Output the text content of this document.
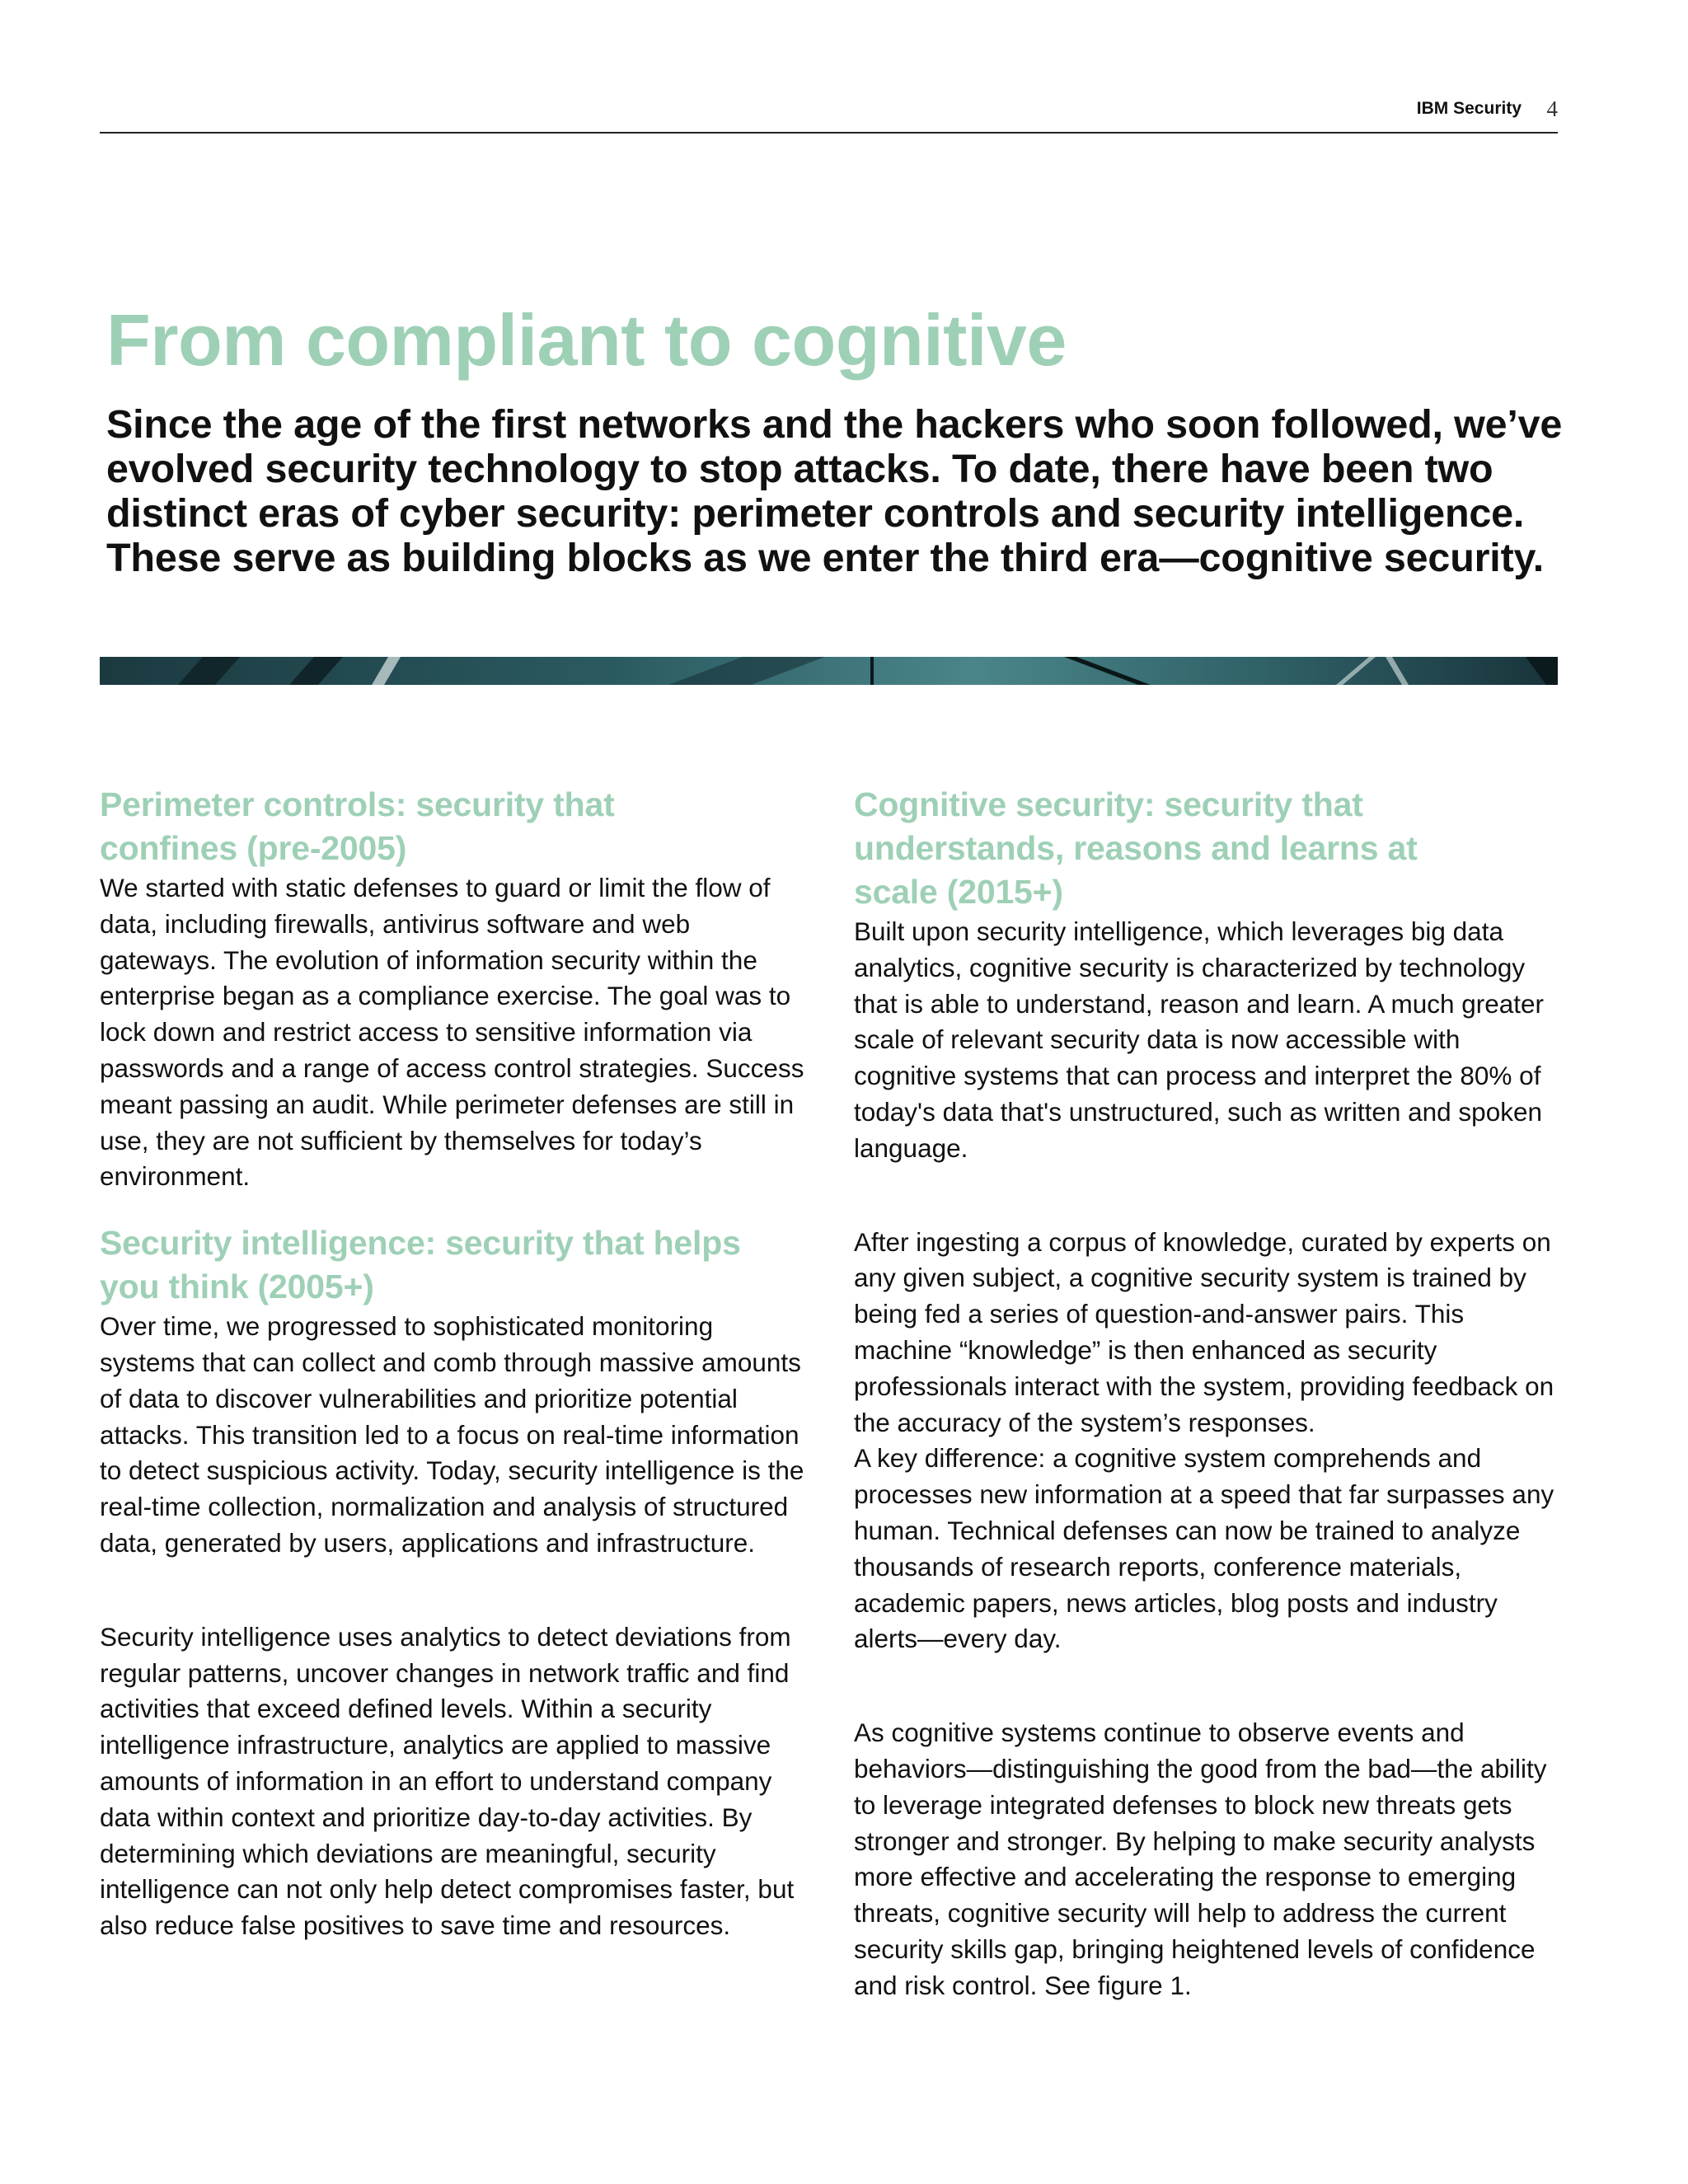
IBM Security 4
From compliant to cognitive

Since the age of the first networks and the hackers who soon followed, we’ve evolved security technology to stop attacks. To date, there have been two distinct eras of cyber security: perimeter controls and security intelligence. These serve as building blocks as we enter the third era—cognitive security.

Perimeter controls: security that
confines (pre-2005)

We started with static defenses to guard or limit the flow of data, including firewalls, antivirus software and web gateways. The evolution of information security within the enterprise began as a compliance exercise. The goal was to lock down and restrict access to sensitive information via passwords and a range of access control strategies. Success meant passing an audit. While perimeter defenses are still in use, they are not sufficient by themselves for today’s environment.

Security intelligence: security that helps
you think (2005+)

Over time, we progressed to sophisticated monitoring systems that can collect and comb through massive amounts of data to discover vulnerabilities and prioritize potential attacks. This transition led to a focus on real-time information to detect suspicious activity. Today, security intelligence is the real-time collection, normalization and analysis of structured data, generated by users, applications and infrastructure.

Security intelligence uses analytics to detect deviations from regular patterns, uncover changes in network traffic and find activities that exceed defined levels. Within a security intelligence infrastructure, analytics are applied to massive amounts of information in an effort to understand company data within context and prioritize day-to-day activities. By determining which deviations are meaningful, security intelligence can not only help detect compromises faster, but also reduce false positives to save time and resources.

Cognitive security: security that
understands, reasons and learns at
scale (2015+)

Built upon security intelligence, which leverages big data analytics, cognitive security is characterized by technology that is able to understand, reason and learn. A much greater scale of relevant security data is now accessible with cognitive systems that can process and interpret the 80% of today's data that's unstructured, such as written and spoken language.

After ingesting a corpus of knowledge, curated by experts on any given subject, a cognitive security system is trained by being fed a series of question-and-answer pairs. This machine “knowledge” is then enhanced as security professionals interact with the system, providing feedback on the accuracy of the system’s responses.

A key difference: a cognitive system comprehends and processes new information at a speed that far surpasses any human. Technical defenses can now be trained to analyze thousands of research reports, conference materials, academic papers, news articles, blog posts and industry alerts—every day.

As cognitive systems continue to observe events and behaviors—distinguishing the good from the bad—the ability to leverage integrated defenses to block new threats gets stronger and stronger. By helping to make security analysts more effective and accelerating the response to emerging threats, cognitive security will help to address the current security skills gap, bringing heightened levels of confidence and risk control. See figure 1.
